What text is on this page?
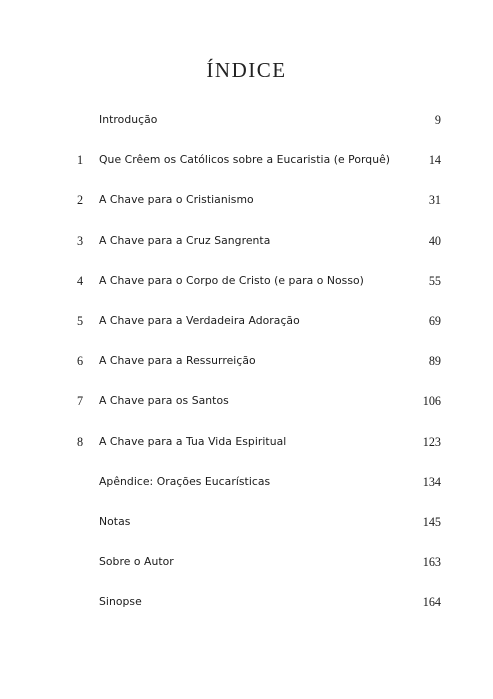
ÍNDICE
Introdução	9
1	Que Crêem os Católicos sobre a Eucaristia (e Porquê)	14
2	A Chave para o Cristianismo	31
3	A Chave para a Cruz Sangrenta	40
4	A Chave para o Corpo de Cristo (e para o Nosso)	55
5	A Chave para a Verdadeira Adoração	69
6	A Chave para a Ressurreição	89
7	A Chave para os Santos	106
8	A Chave para a Tua Vida Espiritual	123
Apêndice: Orações Eucarísticas	134
Notas	145
Sobre o Autor	163
Sinopse	164
